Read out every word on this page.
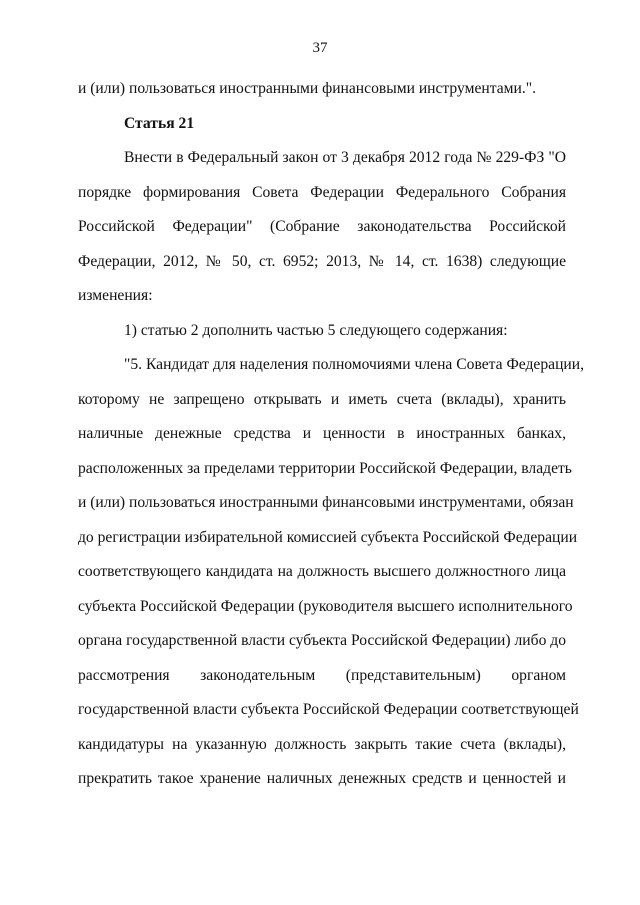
37
и (или) пользоваться иностранными финансовыми инструментами.".
Статья 21
Внести в Федеральный закон от 3 декабря 2012 года № 229-ФЗ "О
порядке формирования Совета Федерации Федерального Собрания
Российской Федерации" (Собрание законодательства Российской
Федерации, 2012, № 50, ст. 6952; 2013, № 14, ст. 1638) следующие
изменения:
1) статью 2 дополнить частью 5 следующего содержания:
"5. Кандидат для наделения полномочиями члена Совета Федерации,
которому не запрещено открывать и иметь счета (вклады), хранить
наличные денежные средства и ценности в иностранных банках,
расположенных за пределами территории Российской Федерации, владеть
и (или) пользоваться иностранными финансовыми инструментами, обязан
до регистрации избирательной комиссией субъекта Российской Федерации
соответствующего кандидата на должность высшего должностного лица
субъекта Российской Федерации (руководителя высшего исполнительного
органа государственной власти субъекта Российской Федерации) либо до
рассмотрения законодательным (представительным) органом
государственной власти субъекта Российской Федерации соответствующей
кандидатуры на указанную должность закрыть такие счета (вклады),
прекратить такое хранение наличных денежных средств и ценностей и
